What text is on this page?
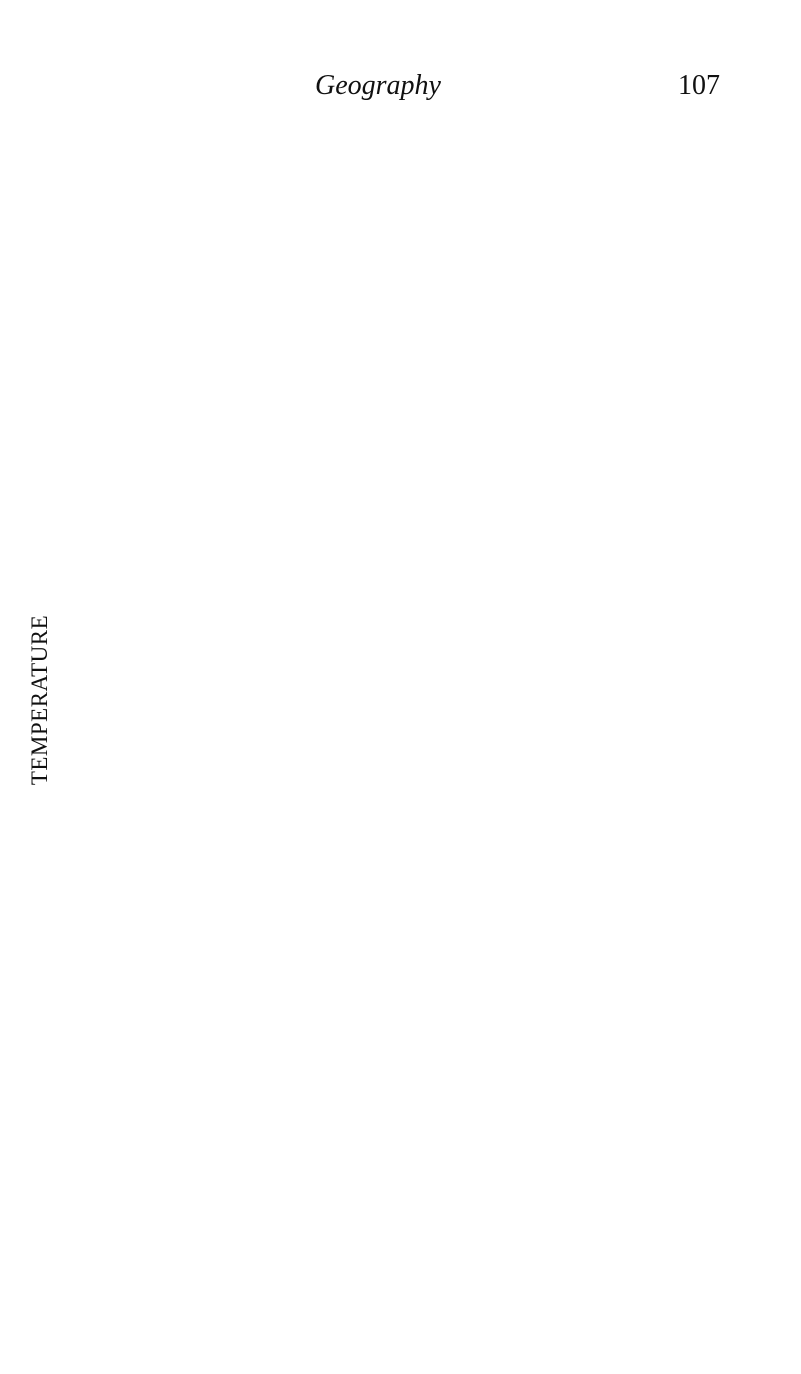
Geography	107
TEMPERATURE
